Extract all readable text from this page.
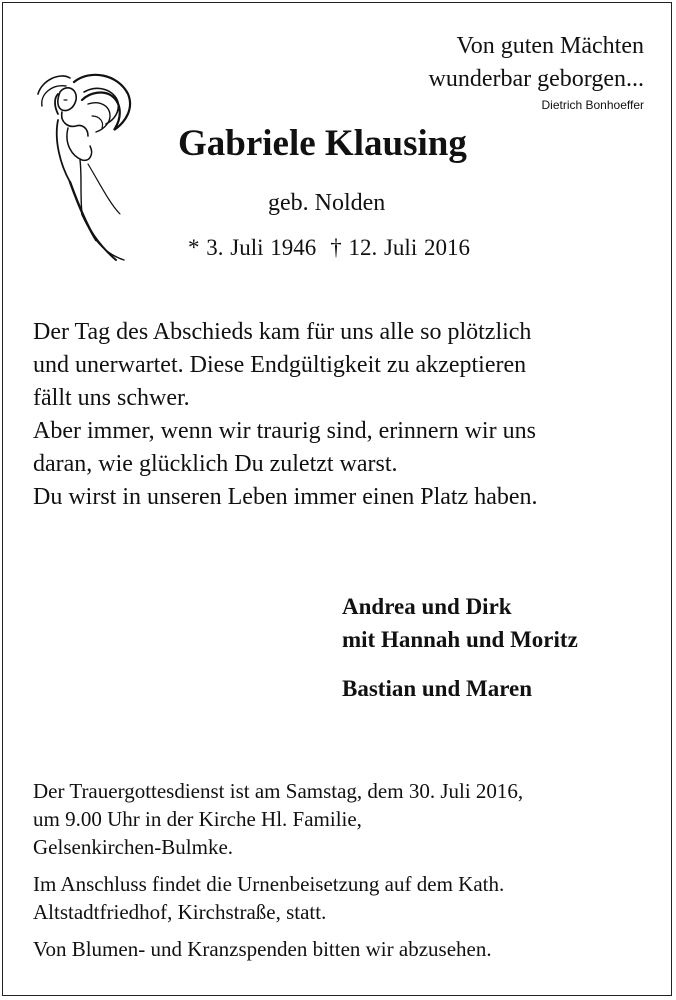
Von guten Mächten
wunderbar geborgen...
Dietrich Bonhoeffer
Gabriele Klausing
geb. Nolden
* 3. Juli 1946 † 12. Juli 2016
Der Tag des Abschieds kam für uns alle so plötzlich
und unerwartet. Diese Endgültigkeit zu akzeptieren
fällt uns schwer.
Aber immer, wenn wir traurig sind, erinnern wir uns
daran, wie glücklich Du zuletzt warst.
Du wirst in unseren Leben immer einen Platz haben.
Andrea und Dirk
mit Hannah und Moritz
Bastian und Maren
Der Trauergottesdienst ist am Samstag, dem 30. Juli 2016,
um 9.00 Uhr in der Kirche Hl. Familie,
Gelsenkirchen-Bulmke.
Im Anschluss findet die Urnenbeisetzung auf dem Kath.
Altstadtfriedhof, Kirchstraße, statt.
Von Blumen- und Kranzspenden bitten wir abzusehen.
